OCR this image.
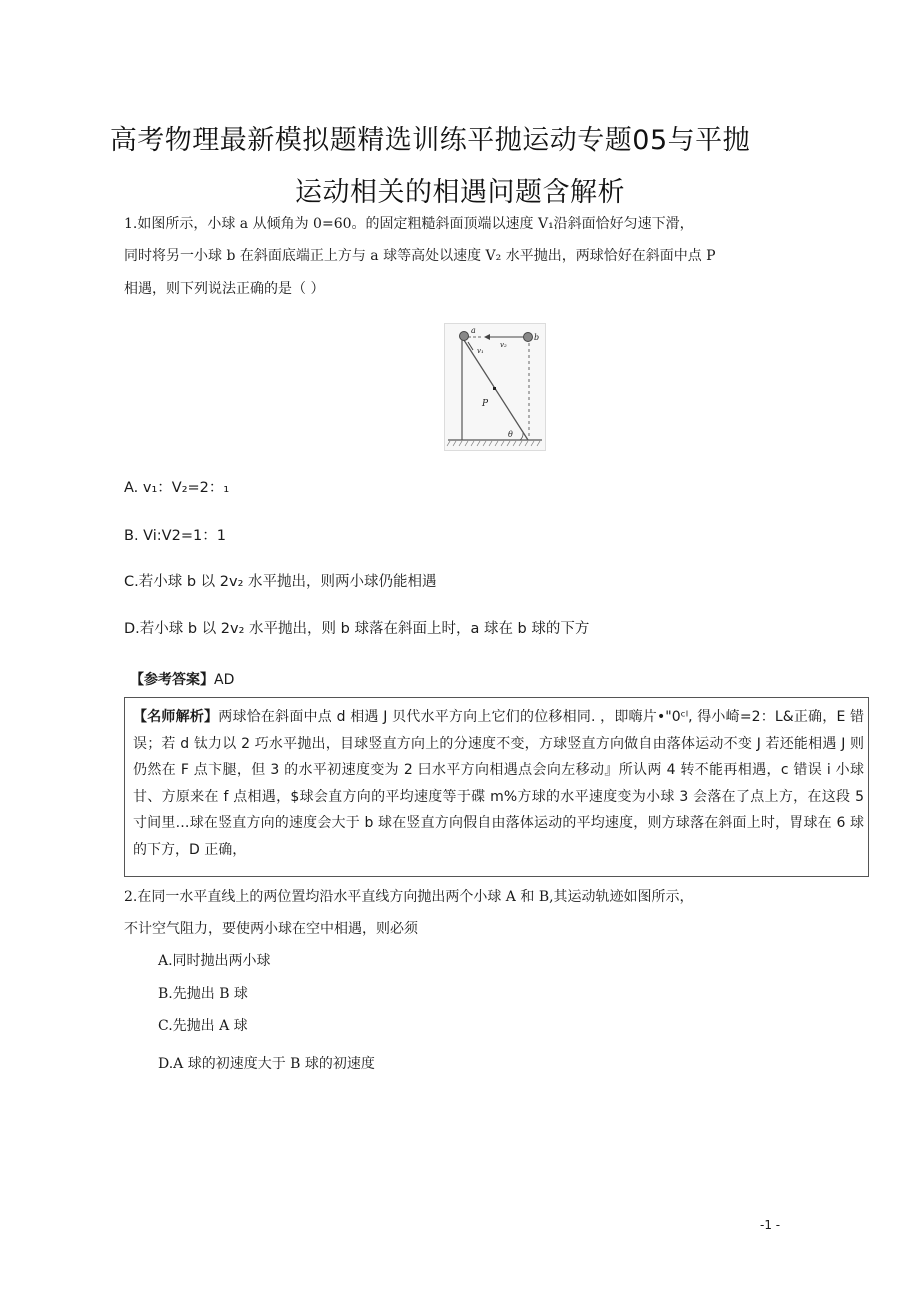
高考物理最新模拟题精选训练平抛运动专题05与平抛
运动相关的相遇问题含解析
1.如图所示，小球 a 从倾角为 0=60。的固定粗糙斜面顶端以速度 V₁沿斜面恰好匀速下滑，
同时将另一小球 b 在斜面底端正上方与 a 球等高处以速度 V₂ 水平抛出，两球恰好在斜面中点 P
相遇，则下列说法正确的是（ ）
a
b
v₁
v₂
P
θ
A. v₁：V₂=2：₁
B. Vi:V2=1：1
C.若小球 b 以 2v₂ 水平抛出，则两小球仍能相遇
D.若小球 b 以 2v₂ 水平抛出，则 b 球落在斜面上时，a 球在 b 球的下方
【参考答案】AD
【名师解析】两球恰在斜面中点 d 相遇 J 贝代水平方向上它们的位移相同. ，即嗨片•"0ᶜˡ, 得小崎=2：L&正确，E 错误；若 d 钛力以 2 巧水平抛出，目球竖直方向上的分速度不变，方球竖直方向做自由落体运动不变 J 若还能相遇 J 则仍然在 F 点卞腿，但 3 的水平初速度变为 2 曰水平方向相遇点会向左移动』所认两 4 转不能再相遇，c 错误 i 小球甘、方原来在 f 点相遇，$球会直方向的平均速度等于碟 m%方球的水平速度变为小球 3 会落在了点上方，在这段 5 寸间里…球在竖直方向的速度会大于 b 球在竖直方向假自由落体运动的平均速度，则方球落在斜面上时，胃球在 6 球的下方，D 正确，
2.在同一水平直线上的两位置均沿水平直线方向抛出两个小球 A 和 B,其运动轨迹如图所示，
不计空气阻力，要使两小球在空中相遇，则必须
A.同时抛出两小球
B.先抛出 B 球
C.先抛出 A 球
D.A 球的初速度大于 B 球的初速度
-1 -
